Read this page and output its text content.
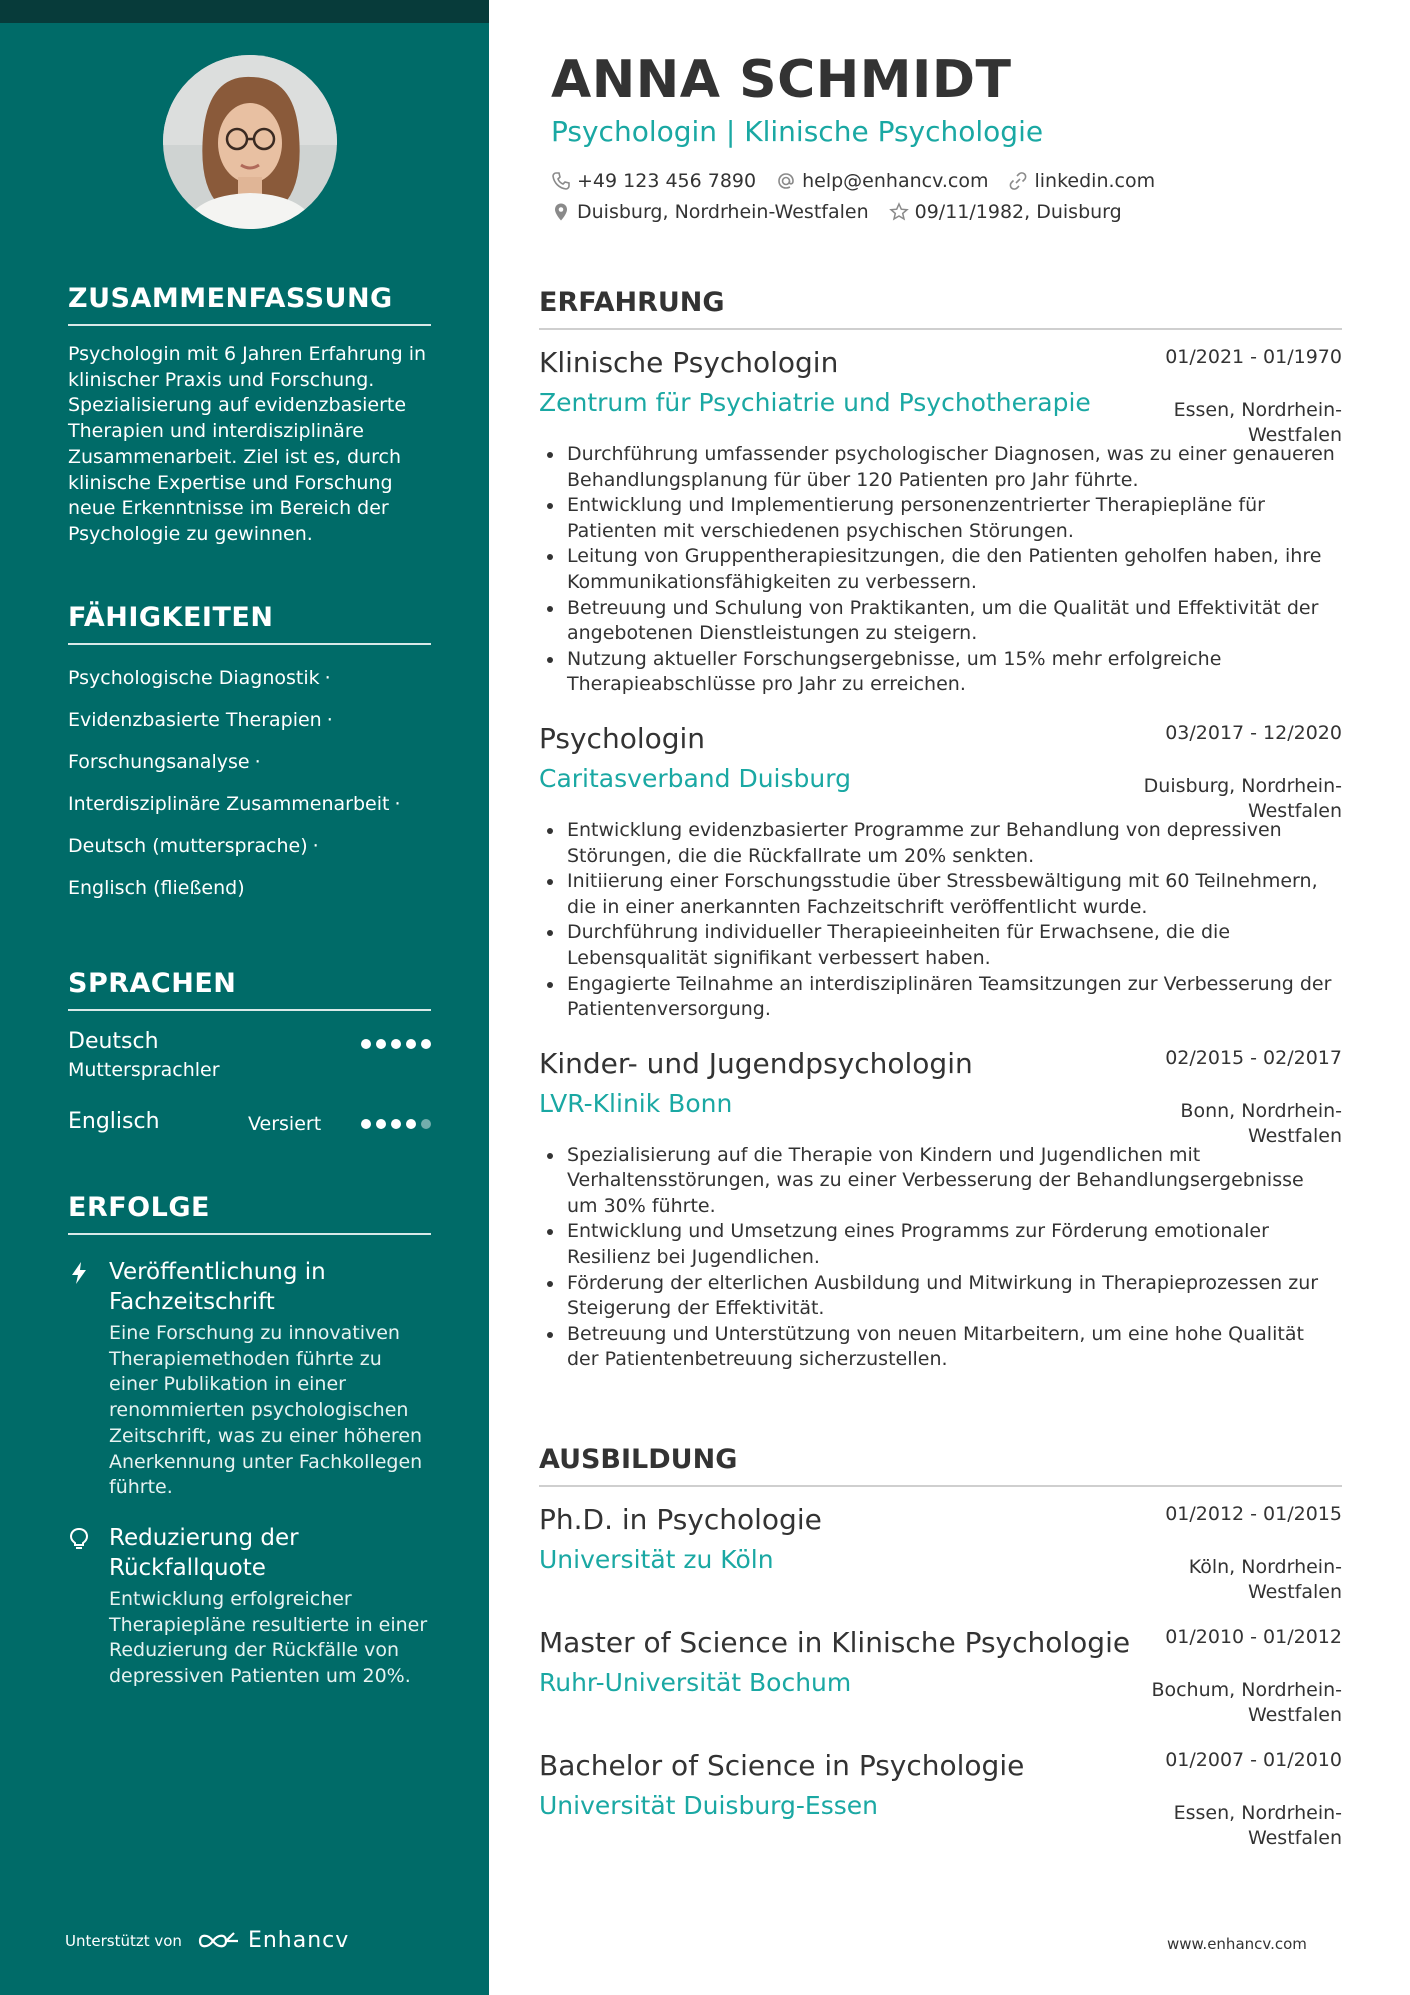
ZUSAMMENFASSUNG

Psychologin mit 6 Jahren Erfahrung in klinischer Praxis und Forschung. Spezialisierung auf evidenzbasierte Therapien und interdisziplinäre Zusammenarbeit. Ziel ist es, durch klinische Expertise und Forschung neue Erkenntnisse im Bereich der Psychologie zu gewinnen.

FÄHIGKEITEN
Psychologische Diagnostik ·
Evidenzbasierte Therapien ·
Forschungsanalyse ·
Interdisziplinäre Zusammenarbeit ·
Deutsch (muttersprache) ·
Englisch (fließend)
SPRACHEN
Deutsch
Muttersprachler
Englisch	Versiert
ERFOLGE
Veröffentlichung in Fachzeitschrift
Eine Forschung zu innovativen Therapiemethoden führte zu einer Publikation in einer renommierten psychologischen Zeitschrift, was zu einer höheren Anerkennung unter Fachkollegen führte.
Reduzierung der Rückfallquote
Entwicklung erfolgreicher Therapiepläne resultierte in einer Reduzierung der Rückfälle von depressiven Patienten um 20%.
Unterstützt von	Enhancv
ANNA SCHMIDT
Psychologin | Klinische Psychologie
+49 123 456 7890 help@enhancv.com linkedin.com
Duisburg, Nordrhein-Westfalen 09/11/1982, Duisburg
ERFAHRUNG
Klinische Psychologin	01/2021 - 01/1970
Zentrum für Psychiatrie und Psychotherapie	Essen, Nordrhein-Westfalen
Durchführung umfassender psychologischer Diagnosen, was zu einer genaueren Behandlungsplanung für über 120 Patienten pro Jahr führte.
Entwicklung und Implementierung personenzentrierter Therapiepläne für Patienten mit verschiedenen psychischen Störungen.
Leitung von Gruppentherapiesitzungen, die den Patienten geholfen haben, ihre Kommunikationsfähigkeiten zu verbessern.
Betreuung und Schulung von Praktikanten, um die Qualität und Effektivität der angebotenen Dienstleistungen zu steigern.
Nutzung aktueller Forschungsergebnisse, um 15% mehr erfolgreiche Therapieabschlüsse pro Jahr zu erreichen.
Psychologin	03/2017 - 12/2020
Caritasverband Duisburg	Duisburg, Nordrhein-Westfalen
Entwicklung evidenzbasierter Programme zur Behandlung von depressiven Störungen, die die Rückfallrate um 20% senkten.
Initiierung einer Forschungsstudie über Stressbewältigung mit 60 Teilnehmern, die in einer anerkannten Fachzeitschrift veröffentlicht wurde.
Durchführung individueller Therapieeinheiten für Erwachsene, die die Lebensqualität signifikant verbessert haben.
Engagierte Teilnahme an interdisziplinären Teamsitzungen zur Verbesserung der Patientenversorgung.
Kinder- und Jugendpsychologin	02/2015 - 02/2017
LVR-Klinik Bonn	Bonn, Nordrhein-Westfalen
Spezialisierung auf die Therapie von Kindern und Jugendlichen mit Verhaltensstörungen, was zu einer Verbesserung der Behandlungsergebnisse um 30% führte.
Entwicklung und Umsetzung eines Programms zur Förderung emotionaler Resilienz bei Jugendlichen.
Förderung der elterlichen Ausbildung und Mitwirkung in Therapieprozessen zur Steigerung der Effektivität.
Betreuung und Unterstützung von neuen Mitarbeitern, um eine hohe Qualität der Patientenbetreuung sicherzustellen.
AUSBILDUNG
Ph.D. in Psychologie	01/2012 - 01/2015
Universität zu Köln	Köln, Nordrhein-Westfalen
Master of Science in Klinische Psychologie	01/2010 - 01/2012
Ruhr-Universität Bochum	Bochum, Nordrhein-Westfalen
Bachelor of Science in Psychologie	01/2007 - 01/2010
Universität Duisburg-Essen	Essen, Nordrhein-Westfalen
www.enhancv.com
